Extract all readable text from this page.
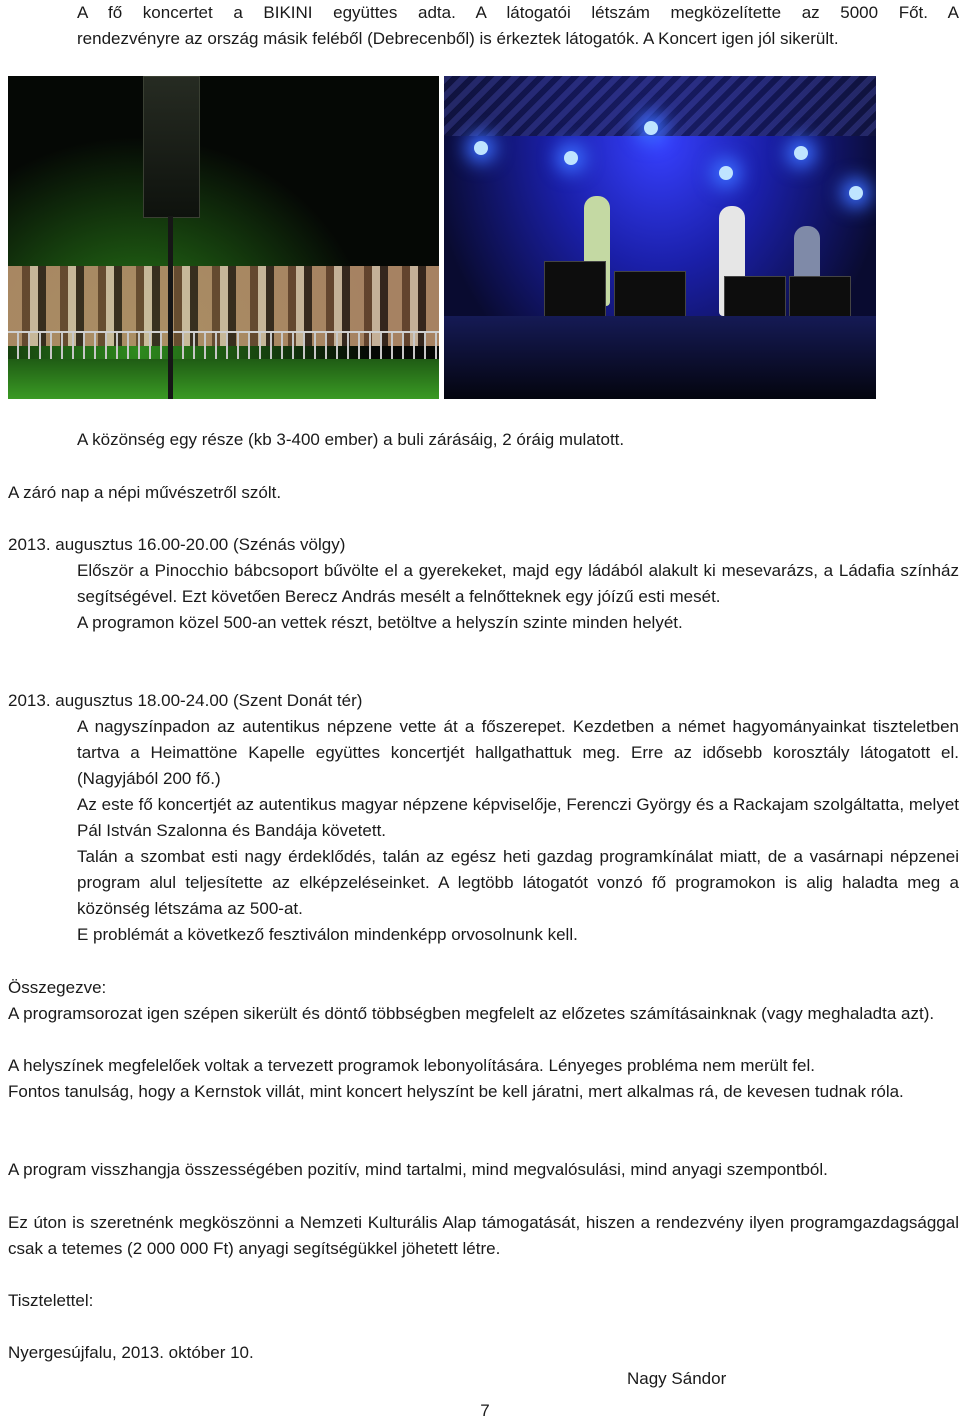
A fő koncertet a BIKINI együttes adta. A látogatói létszám megközelítette az 5000 Főt. A

rendezvényre az ország másik feléből (Debrecenből) is érkeztek látogatók. A Koncert igen jól sikerült.

A közönség egy része (kb 3-400 ember) a buli zárásáig, 2 óráig mulatott.

A záró nap a népi művészetről szólt.

2013. augusztus 16.00-20.00 (Szénás völgy)

Először a Pinocchio bábcsoport bűvölte el a gyerekeket, majd egy ládából alakult ki mesevarázs, a Ládafia színház segítségével. Ezt követően Berecz András mesélt a felnőtteknek egy jóízű esti mesét.

A programon közel 500-an vettek részt, betöltve a helyszín szinte minden helyét.

2013. augusztus 18.00-24.00 (Szent Donát tér)

A nagyszínpadon az autentikus népzene vette át a főszerepet. Kezdetben a német hagyományainkat tiszteletben tartva a Heimattöne Kapelle együttes koncertjét hallgathattuk meg. Erre az idősebb korosztály látogatott el. (Nagyjából 200 fő.)

Az este fő koncertjét az autentikus magyar népzene képviselője, Ferenczi György és a Rackajam szolgáltatta, melyet Pál István Szalonna és Bandája követett.

Talán a szombat esti nagy érdeklődés, talán az egész heti gazdag programkínálat miatt, de a vasárnapi népzenei program alul teljesítette az elképzeléseinket. A legtöbb látogatót vonzó fő programokon is alig haladta meg a közönség létszáma az 500-at.

E problémát a következő fesztiválon mindenképp orvosolnunk kell.

Összegezve:

A programsorozat igen szépen sikerült és döntő többségben megfelelt az előzetes számításainknak (vagy meghaladta azt).

A helyszínek megfelelőek voltak a tervezett programok lebonyolítására. Lényeges probléma nem merült fel.

Fontos tanulság, hogy a Kernstok villát, mint koncert helyszínt be kell járatni, mert alkalmas rá, de kevesen tudnak róla.

A program visszhangja összességében pozitív, mind tartalmi, mind megvalósulási, mind anyagi szempontból.

Ez úton is szeretnénk megköszönni a Nemzeti Kulturális Alap támogatását, hiszen a rendezvény ilyen programgazdagsággal csak a tetemes (2 000 000 Ft) anyagi segítségükkel jöhetett létre.

Tisztelettel:

Nyergesújfalu, 2013. október 10.

Nagy Sándor

7
